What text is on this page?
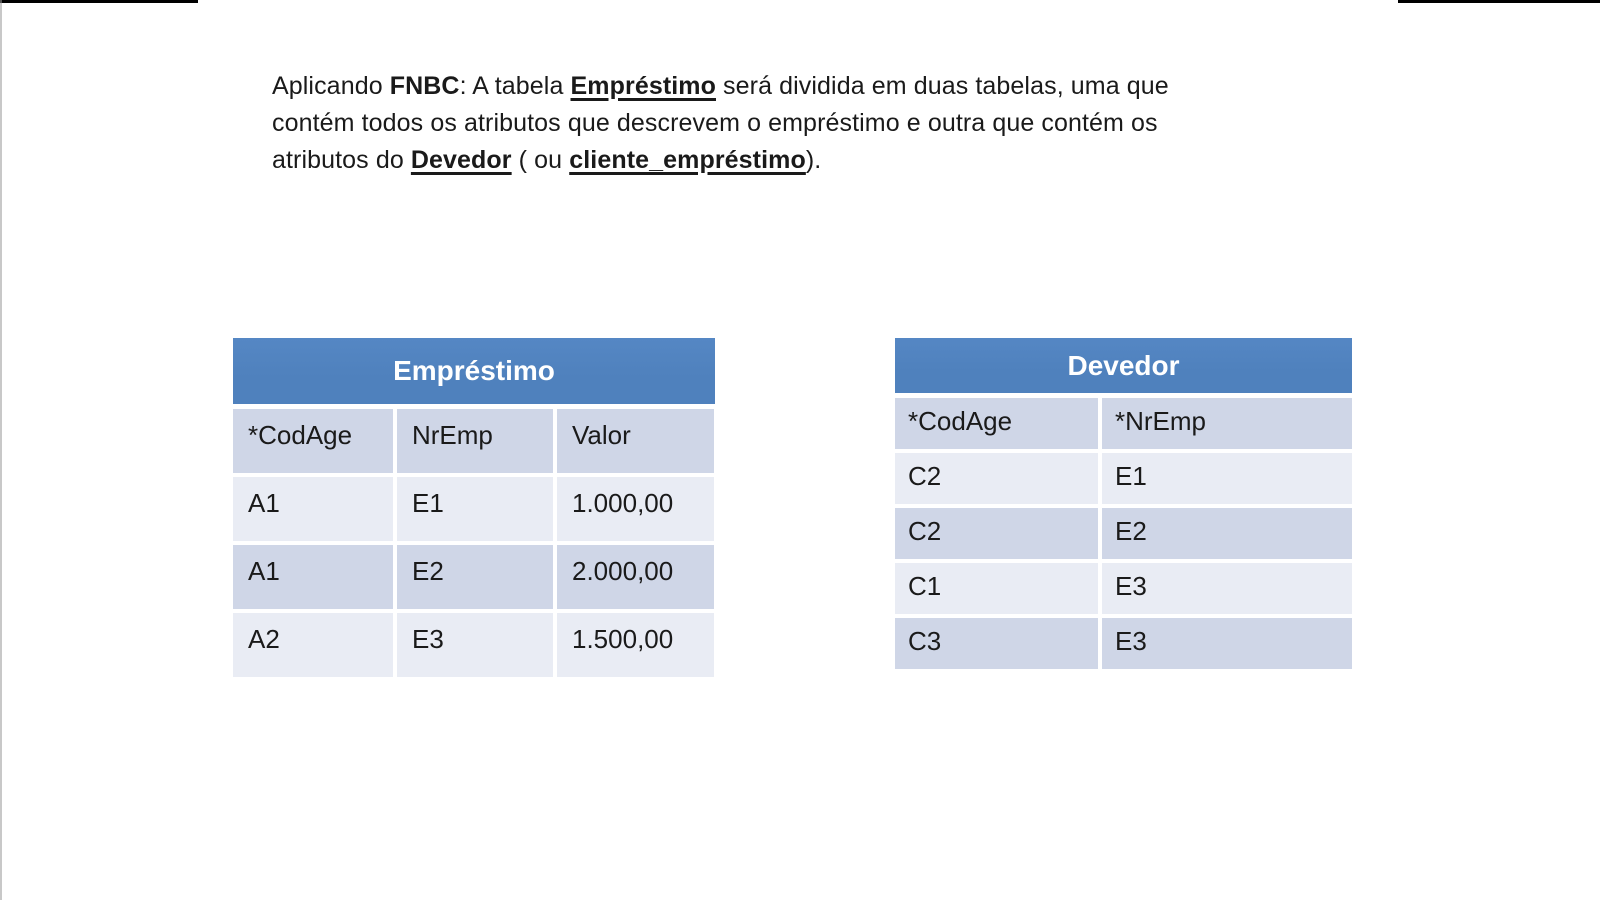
Aplicando FNBC: A tabela Empréstimo será dividida em duas tabelas, uma que
contém todos os atributos que descrevem o empréstimo e outra que contém os
atributos do Devedor ( ou cliente_empréstimo).
Empréstimo
*CodAge	NrEmp	Valor
A1	E1	1.000,00
A1	E2	2.000,00
A2	E3	1.500,00
Devedor
*CodAge	*NrEmp
C2	E1
C2	E2
C1	E3
C3	E3
